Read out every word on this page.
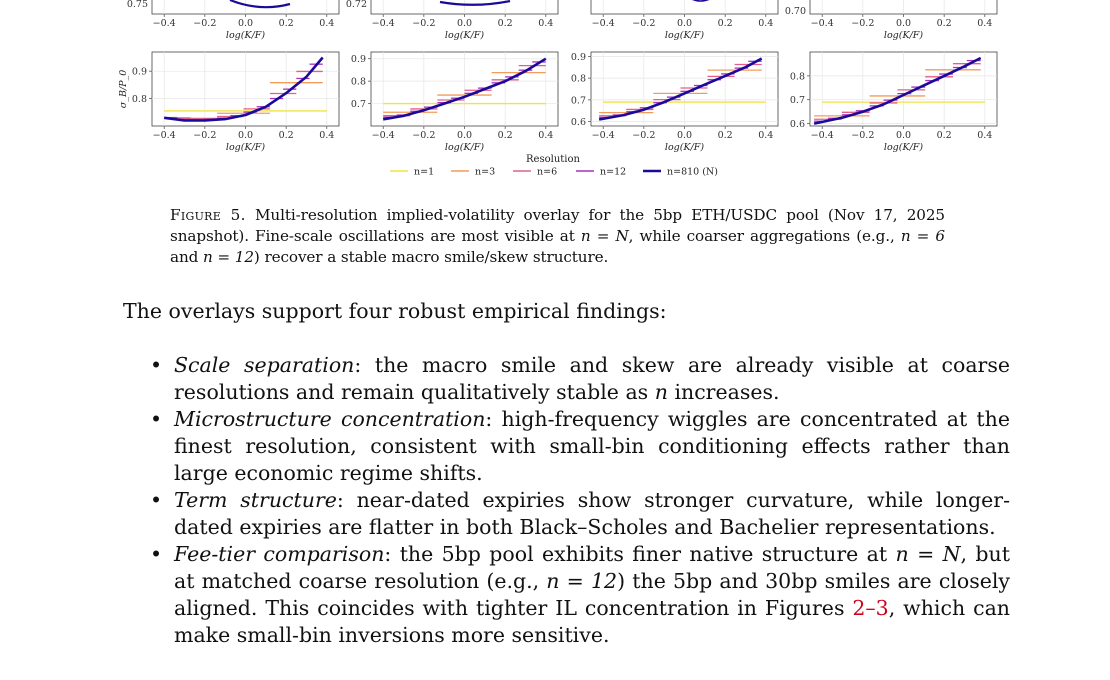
−0.4 −0.2 0.0	0.2	0.4
log(K/F)
0.75
−0.4 −0.2 0.0	0.2	0.4
log(K/F)
0.72
−0.4 −0.2 0.0	0.2	0.4
log(K/F)
−0.4 −0.2 0.0	0.2	0.4
log(K/F)
0.70
−0.4 −0.2 0.0	0.2	0.4
0.9
0.8
log(K/F)
−0.4 −0.2 0.0	0.2	0.4
0.9
0.8
0.7
log(K/F)
−0.4 −0.2 0.0	0.2	0.4
0.9
0.8
0.7
0.6
log(K/F)
−0.4 −0.2 0.0	0.2	0.4
0.8
0.7
0.6
log(K/F)
σ_B/P_0
Resolution
n=1	n=3	n=6	n=12	n=810 (N)
Figure 5. Multi-resolution implied-volatility overlay for the 5bp ETH/USDC pool (Nov 17, 2025 snapshot). Fine-scale oscillations are most visible at n = N, while coarser aggregations (e.g., n = 6 and n = 12) recover a stable macro smile/skew structure.
The overlays support four robust empirical findings:
• Scale separation: the macro smile and skew are already visible at coarse resolutions and remain qualitatively stable as n increases.
• Microstructure concentration: high-frequency wiggles are concentrated at the finest resolution, consistent with small-bin conditioning effects rather than large economic regime shifts.
• Term structure: near-dated expiries show stronger curvature, while longer-dated expiries are flatter in both Black–Scholes and Bachelier representations.
• Fee-tier comparison: the 5bp pool exhibits finer native structure at n = N, but at matched coarse resolution (e.g., n = 12) the 5bp and 30bp smiles are closely aligned. This coincides with tighter IL concentration in Figures 2–3, which can make small-bin inversions more sensitive.
